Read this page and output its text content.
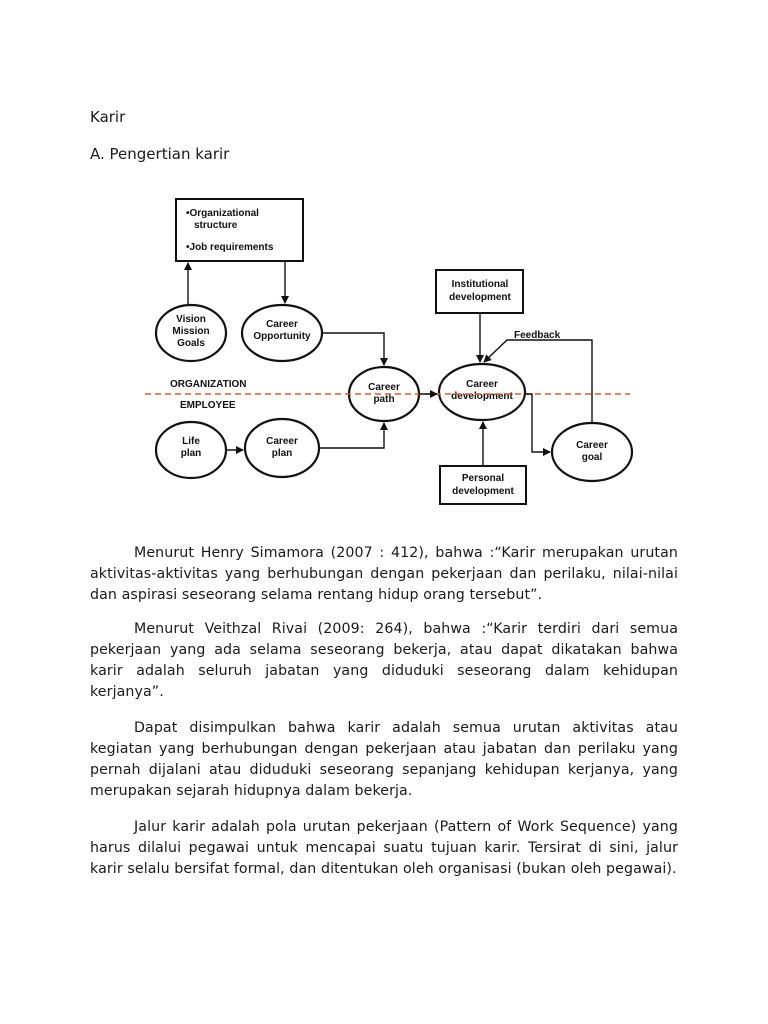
Karir
A. Pengertian karir
•Organizational
structure
•Job requirements
Vision
Mission
Goals
Career
Opportunity
Life
plan
Career
plan
Career
path
Career
development
Career
goal
Institutional
development
Personal
development
ORGANIZATION
EMPLOYEE
Feedback

Menurut Henry Simamora (2007 : 412), bahwa :“Karir merupakan urutan aktivitas-aktivitas yang berhubungan dengan pekerjaan dan perilaku, nilai-nilai dan aspirasi seseorang selama rentang hidup orang tersebut”.

Menurut Veithzal Rivai (2009: 264), bahwa :“Karir terdiri dari semua pekerjaan yang ada selama seseorang bekerja, atau dapat dikatakan bahwa karir adalah seluruh jabatan yang diduduki seseorang dalam kehidupan kerjanya”.

Dapat disimpulkan bahwa karir adalah semua urutan aktivitas atau kegiatan yang berhubungan dengan pekerjaan atau jabatan dan perilaku yang pernah dijalani atau diduduki seseorang sepanjang kehidupan kerjanya, yang merupakan sejarah hidupnya dalam bekerja.

Jalur karir adalah pola urutan pekerjaan (Pattern of Work Sequence) yang harus dilalui pegawai untuk mencapai suatu tujuan karir. Tersirat di sini, jalur karir selalu bersifat formal, dan ditentukan oleh organisasi (bukan oleh pegawai).
